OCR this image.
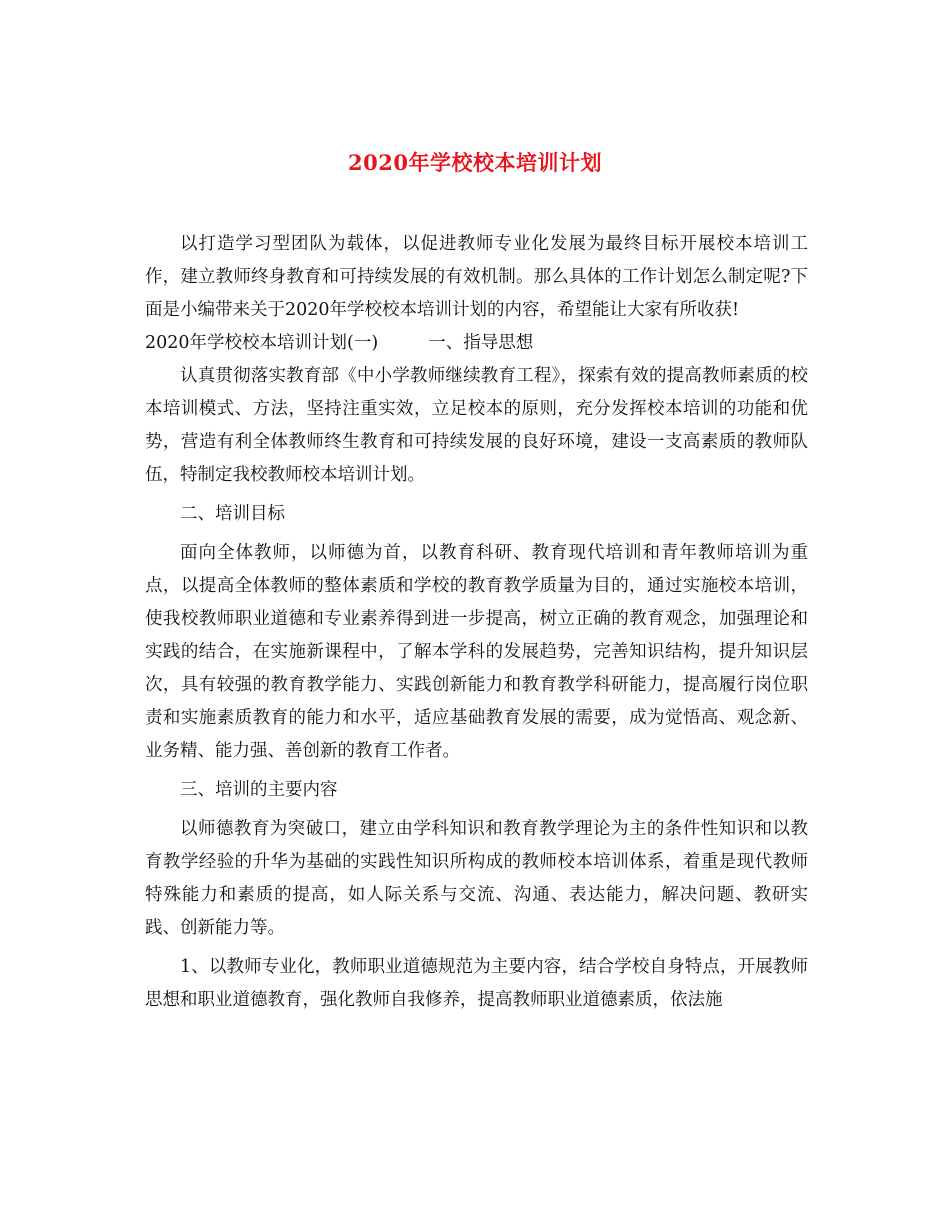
2020年学校校本培训计划

以打造学习型团队为载体，以促进教师专业化发展为最终目标开展校本培训工作，建立教师终身教育和可持续发展的有效机制。那么具体的工作计划怎么制定呢?下面是小编带来关于2020年学校校本培训计划的内容，希望能让大家有所收获!

2020年学校校本培训计划(一)	一、指导思想

认真贯彻落实教育部《中小学教师继续教育工程》，探索有效的提高教师素质的校本培训模式、方法，坚持注重实效，立足校本的原则，充分发挥校本培训的功能和优势，营造有利全体教师终生教育和可持续发展的良好环境，建设一支高素质的教师队伍，特制定我校教师校本培训计划。

二、培训目标

面向全体教师，以师德为首，以教育科研、教育现代培训和青年教师培训为重点，以提高全体教师的整体素质和学校的教育教学质量为目的，通过实施校本培训，使我校教师职业道德和专业素养得到进一步提高，树立正确的教育观念，加强理论和实践的结合，在实施新课程中，了解本学科的发展趋势，完善知识结构，提升知识层次，具有较强的教育教学能力、实践创新能力和教育教学科研能力，提高履行岗位职责和实施素质教育的能力和水平，适应基础教育发展的需要，成为觉悟高、观念新、业务精、能力强、善创新的教育工作者。

三、培训的主要内容

以师德教育为突破口，建立由学科知识和教育教学理论为主的条件性知识和以教育教学经验的升华为基础的实践性知识所构成的教师校本培训体系，着重是现代教师特殊能力和素质的提高，如人际关系与交流、沟通、表达能力，解决问题、教研实践、创新能力等。

1、以教师专业化，教师职业道德规范为主要内容，结合学校自身特点，开展教师思想和职业道德教育，强化教师自我修养，提高教师职业道德素质，依法施
